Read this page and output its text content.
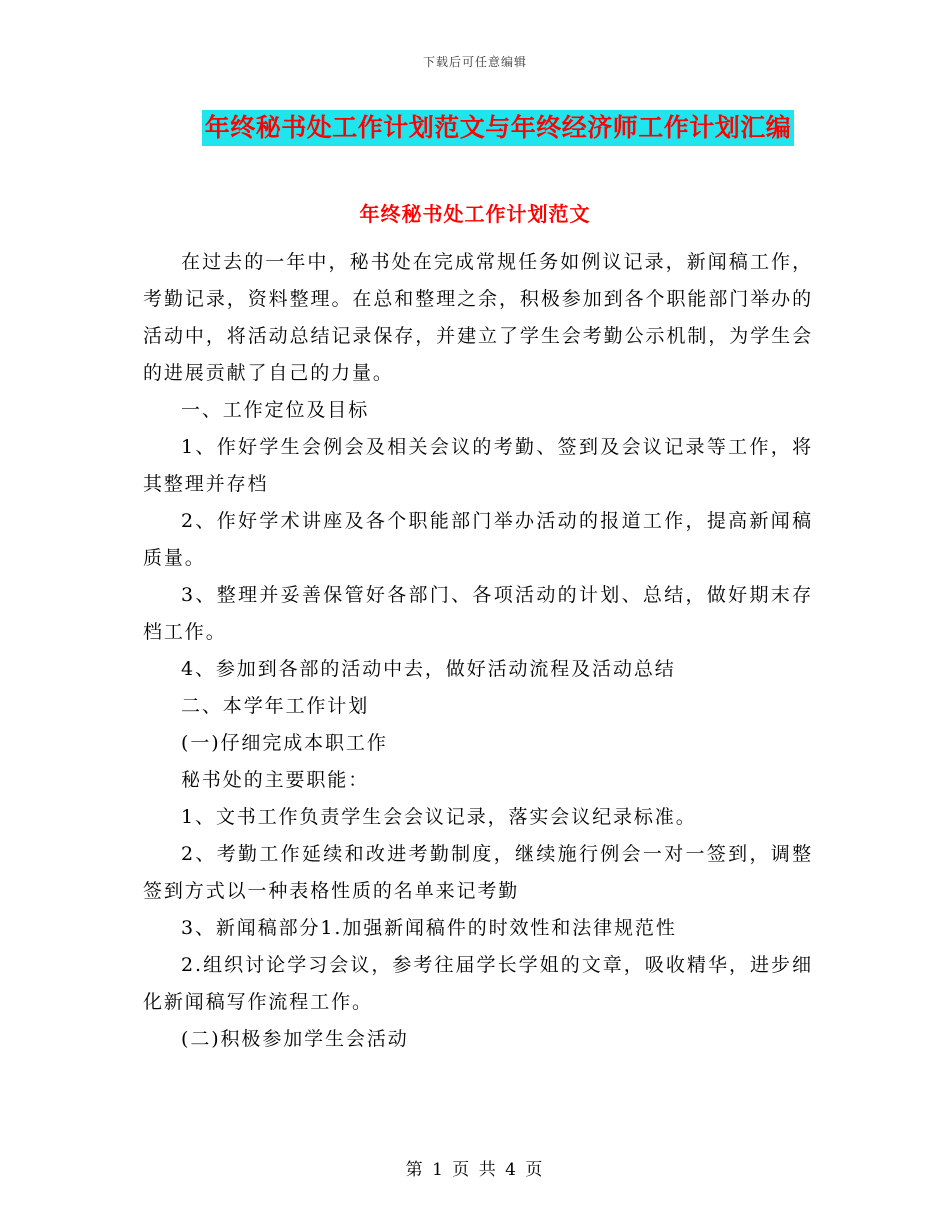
下载后可任意编辑
年终秘书处工作计划范文与年终经济师工作计划汇编
年终秘书处工作计划范文

在过去的一年中，秘书处在完成常规任务如例议记录，新闻稿工作，考勤记录，资料整理。在总和整理之余，积极参加到各个职能部门举办的活动中，将活动总结记录保存，并建立了学生会考勤公示机制，为学生会的进展贡献了自己的力量。

一、工作定位及目标

1、作好学生会例会及相关会议的考勤、签到及会议记录等工作，将其整理并存档

2、作好学术讲座及各个职能部门举办活动的报道工作，提高新闻稿质量。

3、整理并妥善保管好各部门、各项活动的计划、总结，做好期末存档工作。

4、参加到各部的活动中去，做好活动流程及活动总结

二、本学年工作计划

(一)仔细完成本职工作

秘书处的主要职能：

1、文书工作负责学生会会议记录，落实会议纪录标准。

2、考勤工作延续和改进考勤制度，继续施行例会一对一签到，调整签到方式以一种表格性质的名单来记考勤

3、新闻稿部分1.加强新闻稿件的时效性和法律规范性

2.组织讨论学习会议，参考往届学长学姐的文章，吸收精华，进步细化新闻稿写作流程工作。

(二)积极参加学生会活动

第 1 页 共 4 页
